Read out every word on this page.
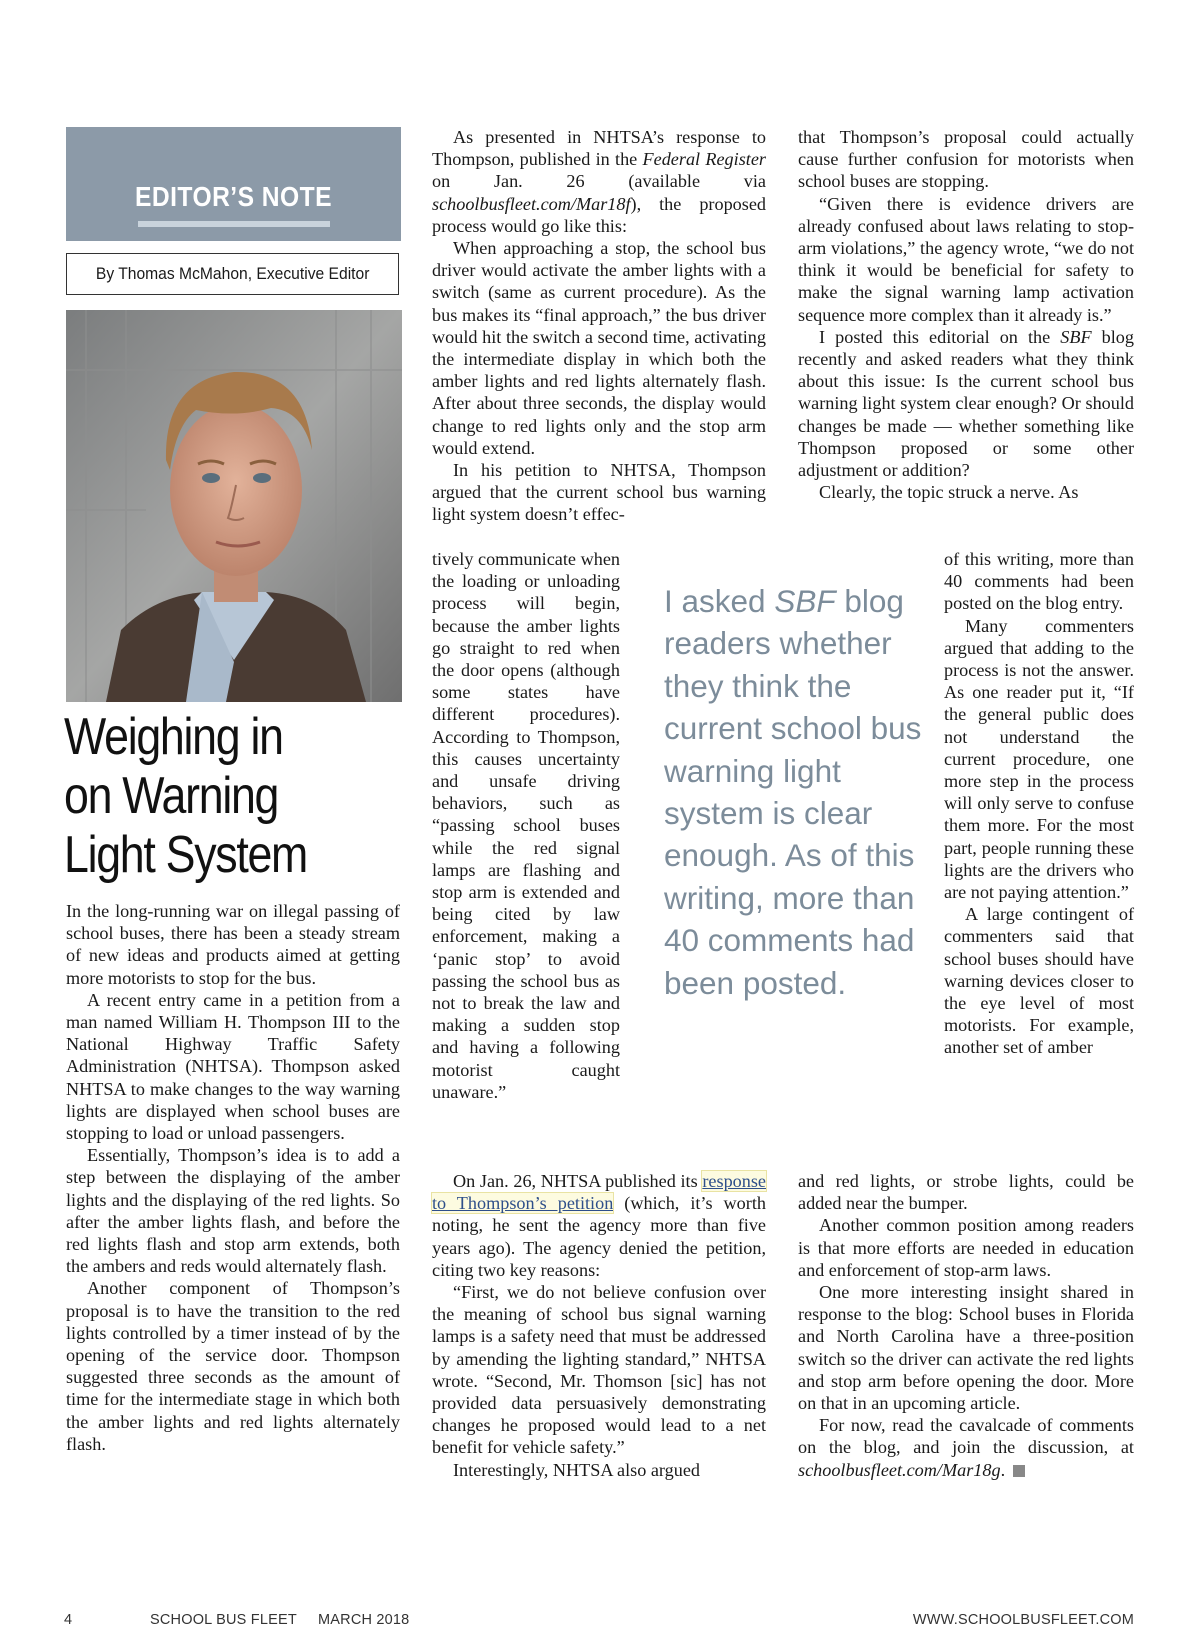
EDITOR’S NOTE
By Thomas McMahon, Executive Editor
Weighing in
on Warning
Light System

In the long-running war on illegal passing of school buses, there has been a steady stream of new ideas and products aimed at getting more motorists to stop for the bus.

A recent entry came in a petition from a man named William H. Thompson III to the National Highway Traffic Safety Administration (NHTSA). Thompson asked NHTSA to make changes to the way warning lights are displayed when school buses are stopping to load or unload passengers.

Essentially, Thompson’s idea is to add a step between the displaying of the amber lights and the displaying of the red lights. So after the amber lights flash, and before the red lights flash and stop arm extends, both the ambers and reds would alternately flash.

Another component of Thompson’s proposal is to have the transition to the red lights controlled by a timer instead of by the opening of the service door. Thompson suggested three seconds as the amount of time for the intermediate stage in which both the amber lights and red lights alternately flash.

As presented in NHTSA’s response to Thompson, published in the Federal Register on Jan. 26 (available via schoolbusfleet.com/Mar18f), the proposed process would go like this:

When approaching a stop, the school bus driver would activate the amber lights with a switch (same as current procedure). As the bus makes its “final approach,” the bus driver would hit the switch a second time, activating the intermediate display in which both the amber lights and red lights alternately flash. After about three seconds, the display would change to red lights only and the stop arm would extend.

In his petition to NHTSA, Thompson argued that the current school bus warning light system doesn’t effec-

tively communicate when the loading or unloading process will begin, because the amber lights go straight to red when the door opens (although some states have different procedures). According to Thompson, this causes uncertainty and unsafe driving behaviors, such as “passing school buses while the red signal lamps are flashing and stop arm is extended and being cited by law enforcement, making a ‘panic stop’ to avoid passing the school bus as not to break the law and making a sudden stop and having a following motorist caught unaware.”

I asked SBF blog readers whether they think the current school bus warning light system is clear enough. As of this writing, more than 40 comments had been posted.

On Jan. 26, NHTSA published its response to Thompson’s petition (which, it’s worth noting, he sent the agency more than five years ago). The agency denied the petition, citing two key reasons:

“First, we do not believe confusion over the meaning of school bus signal warning lamps is a safety need that must be addressed by amending the lighting standard,” NHTSA wrote. “Second, Mr. Thomson [sic] has not provided data persuasively demonstrating changes he proposed would lead to a net benefit for vehicle safety.”

Interestingly, NHTSA also argued

that Thompson’s proposal could actually cause further confusion for motorists when school buses are stopping.

“Given there is evidence drivers are already confused about laws relating to stop-arm violations,” the agency wrote, “we do not think it would be beneficial for safety to make the signal warning lamp activation sequence more complex than it already is.”

I posted this editorial on the SBF blog recently and asked readers what they think about this issue: Is the current school bus warning light system clear enough? Or should changes be made — whether something like Thompson proposed or some other adjustment or addition?

Clearly, the topic struck a nerve. As

of this writing, more than 40 comments had been posted on the blog entry.

Many commenters argued that adding to the process is not the answer. As one reader put it, “If the general public does not understand the current procedure, one more step in the process will only serve to confuse them more. For the most part, people running these lights are the drivers who are not paying attention.”

A large contingent of commenters said that school buses should have warning devices closer to the eye level of most motorists. For example, another set of amber

and red lights, or strobe lights, could be added near the bumper.

Another common position among readers is that more efforts are needed in education and enforcement of stop-arm laws.

One more interesting insight shared in response to the blog: School buses in Florida and North Carolina have a three-position switch so the driver can activate the red lights and stop arm before opening the door. More on that in an upcoming article.

For now, read the cavalcade of comments on the blog, and join the discussion, at schoolbusfleet.com/Mar18g.

4	SCHOOL BUS FLEET MARCH 2018	WWW.SCHOOLBUSFLEET.COM
